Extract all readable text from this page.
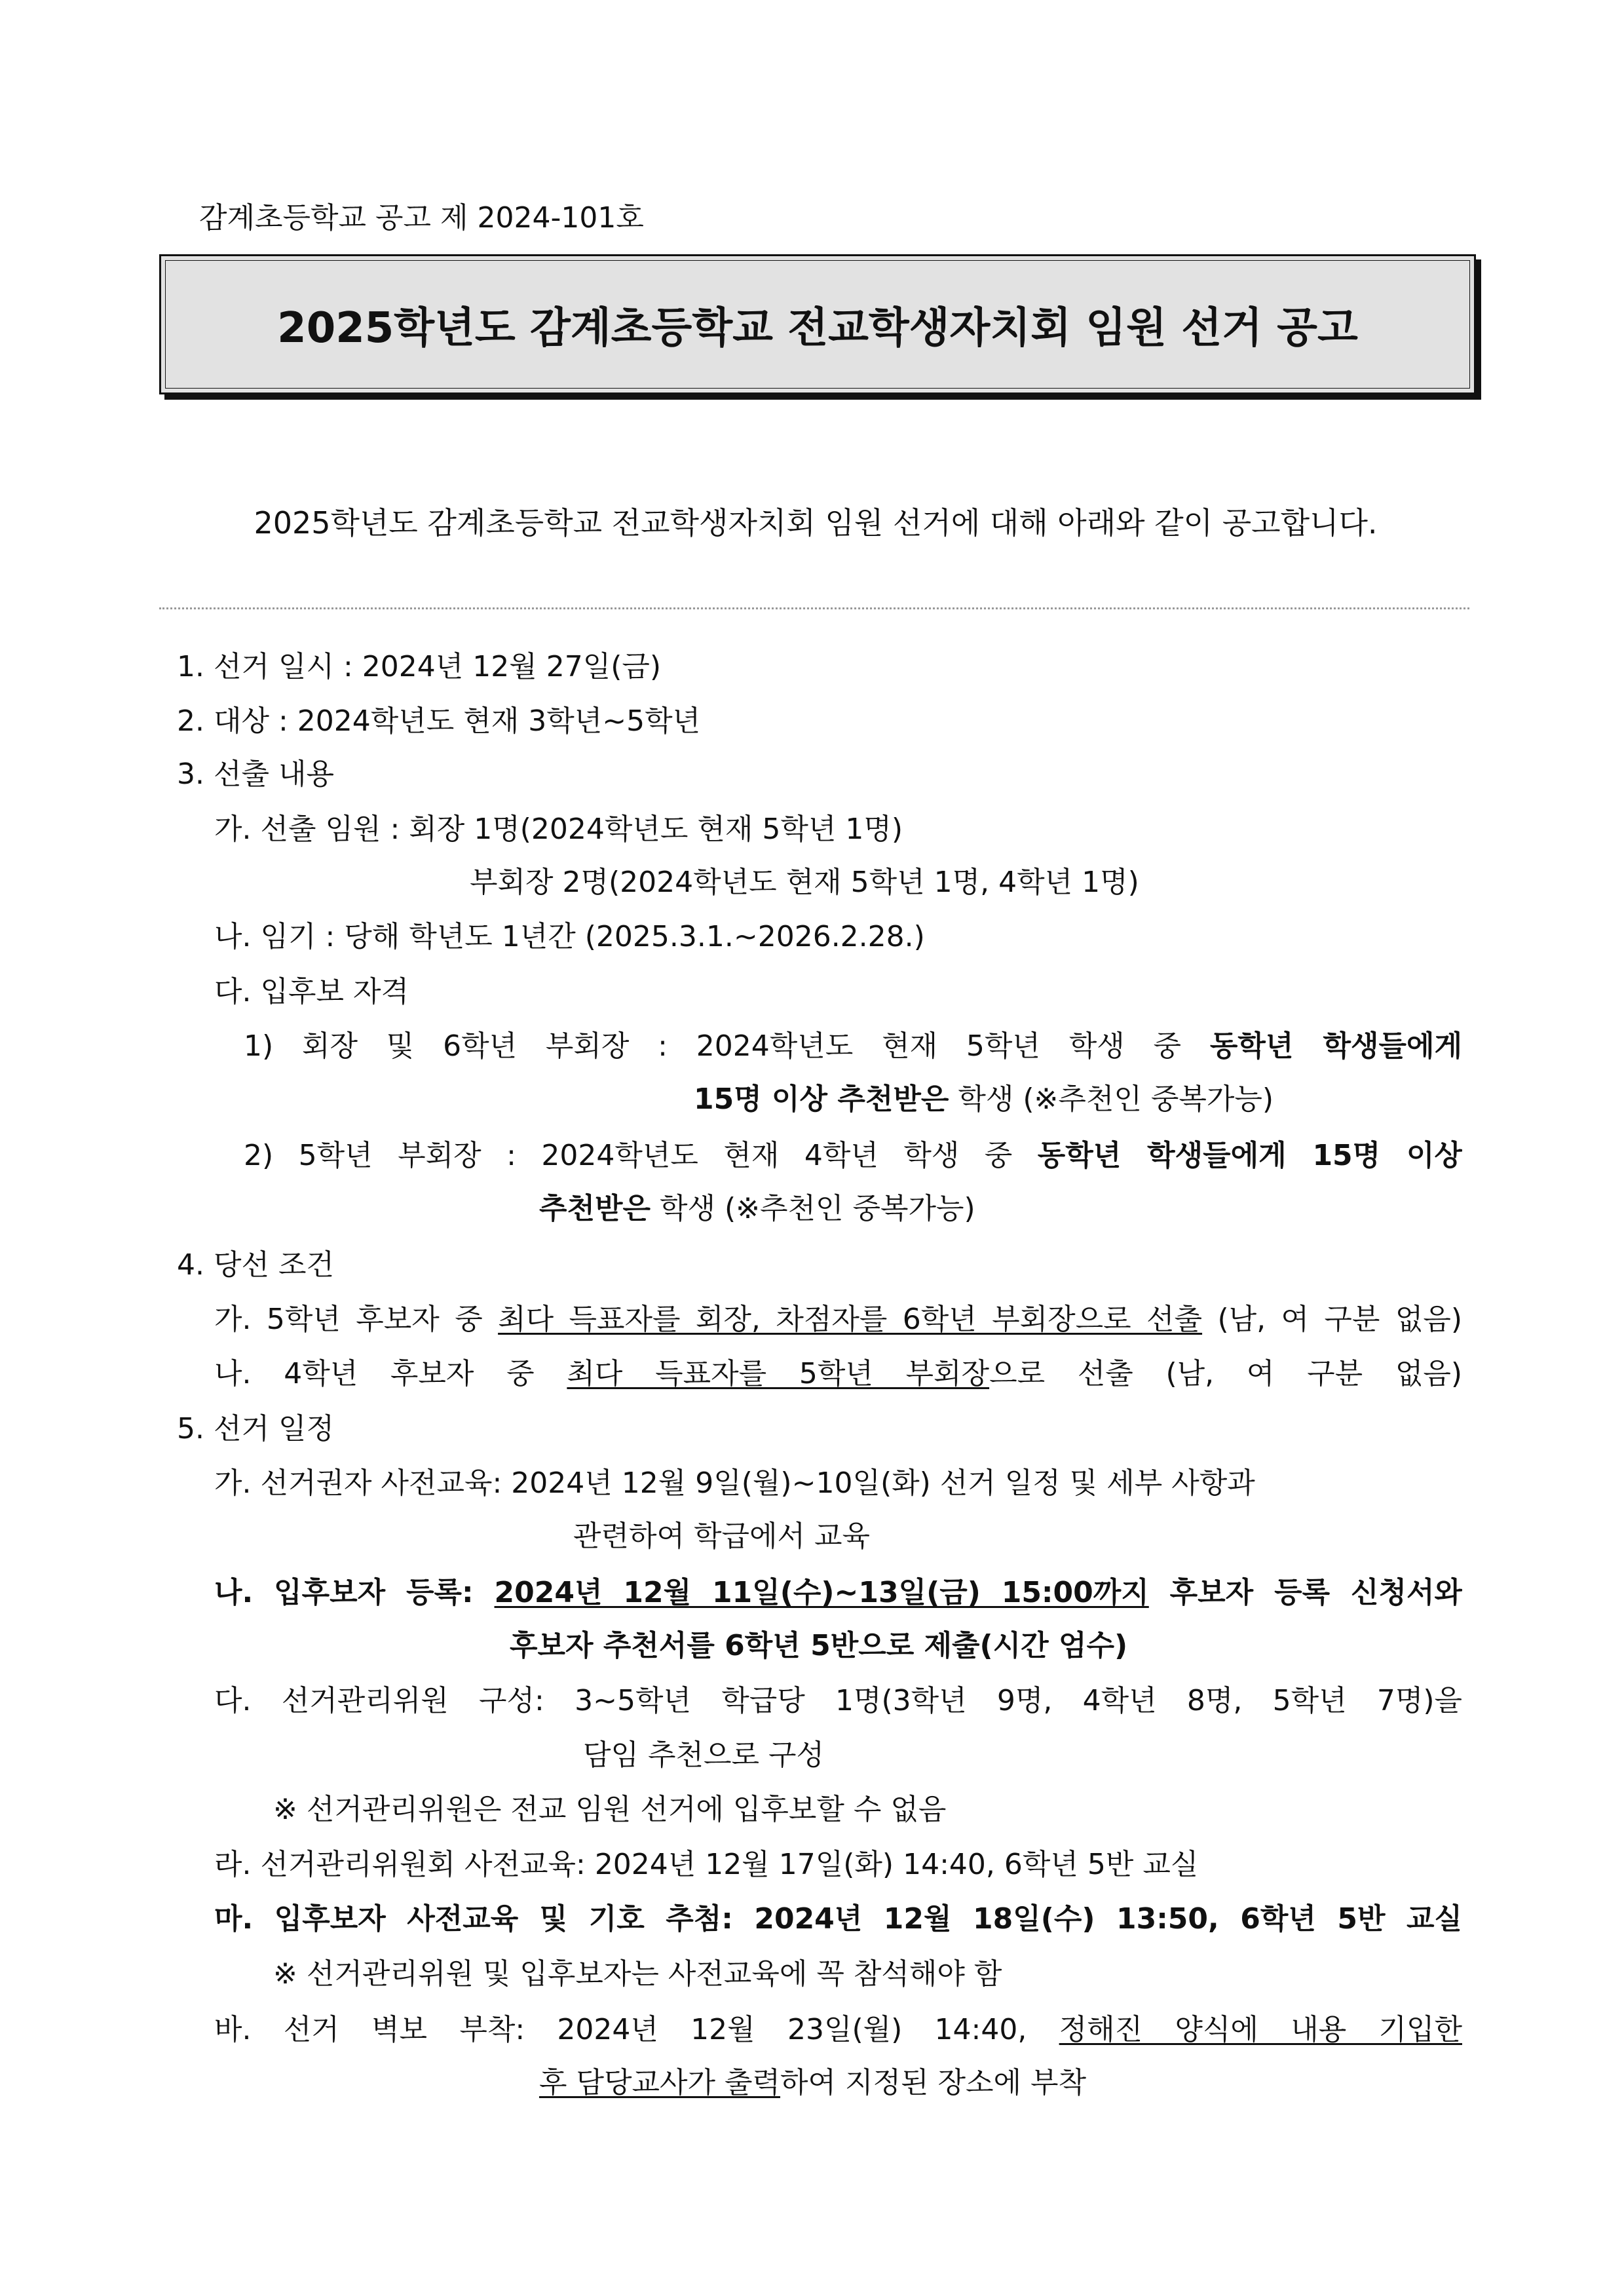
감계초등학교 공고 제 2024-101호
2025학년도 감계초등학교 전교학생자치회 임원 선거 공고
2025학년도 감계초등학교 전교학생자치회 임원 선거에 대해 아래와 같이 공고합니다.
1. 선거 일시 : 2024년 12월 27일(금)
2. 대상 : 2024학년도 현재 3학년~5학년
3. 선출 내용
가. 선출 임원 : 회장 1명(2024학년도 현재 5학년 1명)
부회장 2명(2024학년도 현재 5학년 1명, 4학년 1명)
나. 임기 : 당해 학년도 1년간 (2025.3.1.~2026.2.28.)
다. 입후보 자격
1) 회장 및 6학년 부회장 : 2024학년도 현재 5학년 학생 중 동학년 학생들에게
15명 이상 추천받은 학생 (※추천인 중복가능)
2) 5학년 부회장 : 2024학년도 현재 4학년 학생 중 동학년 학생들에게 15명 이상
추천받은 학생 (※추천인 중복가능)
4. 당선 조건
가. 5학년 후보자 중 최다 득표자를 회장, 차점자를 6학년 부회장으로 선출 (남, 여 구분 없음)
나. 4학년 후보자 중 최다 득표자를 5학년 부회장으로 선출 (남, 여 구분 없음)
5. 선거 일정
가. 선거권자 사전교육: 2024년 12월 9일(월)~10일(화) 선거 일정 및 세부 사항과
관련하여 학급에서 교육
나. 입후보자 등록: 2024년 12월 11일(수)~13일(금) 15:00까지 후보자 등록 신청서와
후보자 추천서를 6학년 5반으로 제출(시간 엄수)
다. 선거관리위원 구성: 3~5학년 학급당 1명(3학년 9명, 4학년 8명, 5학년 7명)을
담임 추천으로 구성
※ 선거관리위원은 전교 임원 선거에 입후보할 수 없음
라. 선거관리위원회 사전교육: 2024년 12월 17일(화) 14:40, 6학년 5반 교실
마. 입후보자 사전교육 및 기호 추첨: 2024년 12월 18일(수) 13:50, 6학년 5반 교실
※ 선거관리위원 및 입후보자는 사전교육에 꼭 참석해야 함
바. 선거 벽보 부착: 2024년 12월 23일(월) 14:40, 정해진 양식에 내용 기입한
후 담당교사가 출력하여 지정된 장소에 부착
